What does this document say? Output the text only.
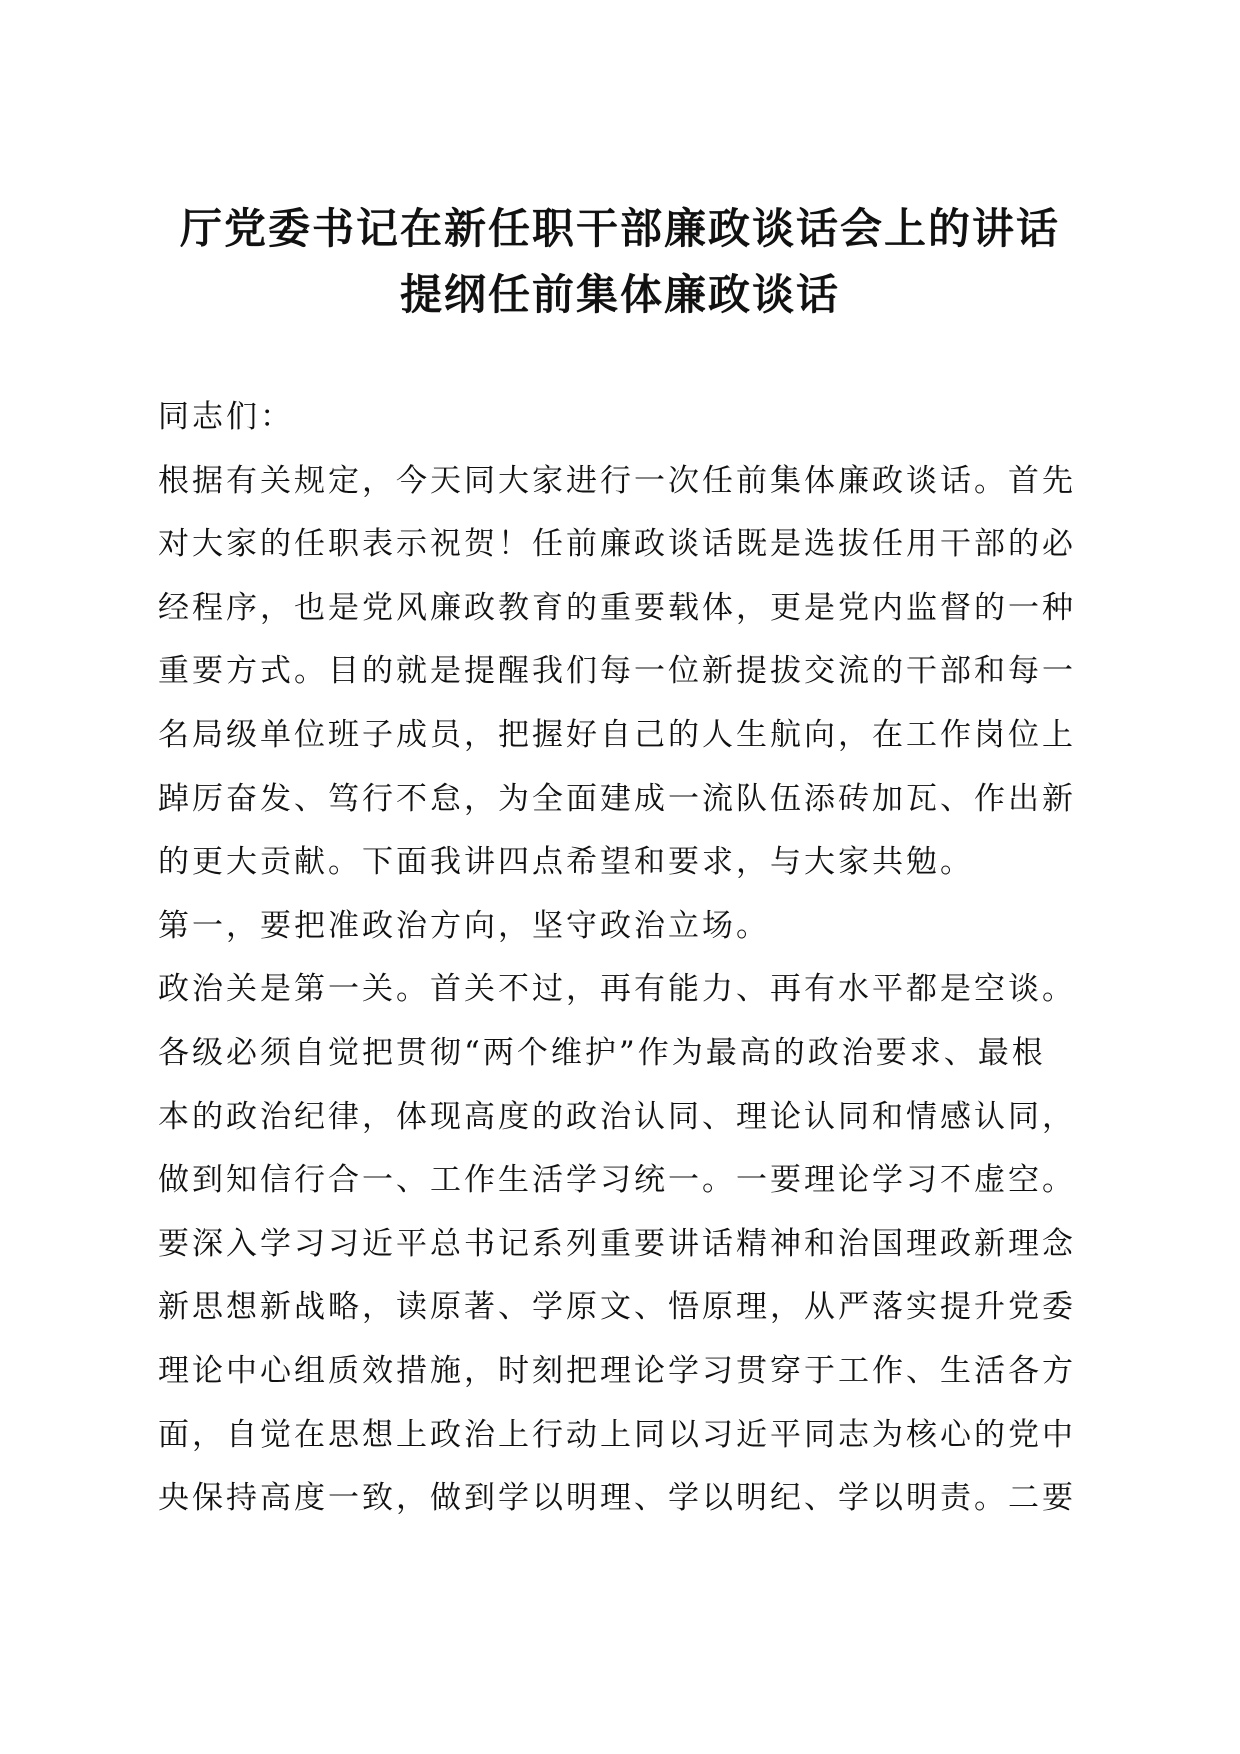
厅党委书记在新任职干部廉政谈话会上的讲话
提纲任前集体廉政谈话
同志们：
根据有关规定，今天同大家进行一次任前集体廉政谈话。首先
对大家的任职表示祝贺！任前廉政谈话既是选拔任用干部的必
经程序，也是党风廉政教育的重要载体，更是党内监督的一种
重要方式。目的就是提醒我们每一位新提拔交流的干部和每一
名局级单位班子成员，把握好自己的人生航向，在工作岗位上
踔厉奋发、笃行不怠，为全面建成一流队伍添砖加瓦、作出新
的更大贡献。下面我讲四点希望和要求，与大家共勉。
第一，要把准政治方向，坚守政治立场。
政治关是第一关。首关不过，再有能力、再有水平都是空谈。
各级必须自觉把贯彻“两个维护”作为最高的政治要求、最根
本的政治纪律，体现高度的政治认同、理论认同和情感认同，
做到知信行合一、工作生活学习统一。一要理论学习不虚空。
要深入学习习近平总书记系列重要讲话精神和治国理政新理念
新思想新战略，读原著、学原文、悟原理，从严落实提升党委
理论中心组质效措施，时刻把理论学习贯穿于工作、生活各方
面，自觉在思想上政治上行动上同以习近平同志为核心的党中
央保持高度一致，做到学以明理、学以明纪、学以明责。二要
